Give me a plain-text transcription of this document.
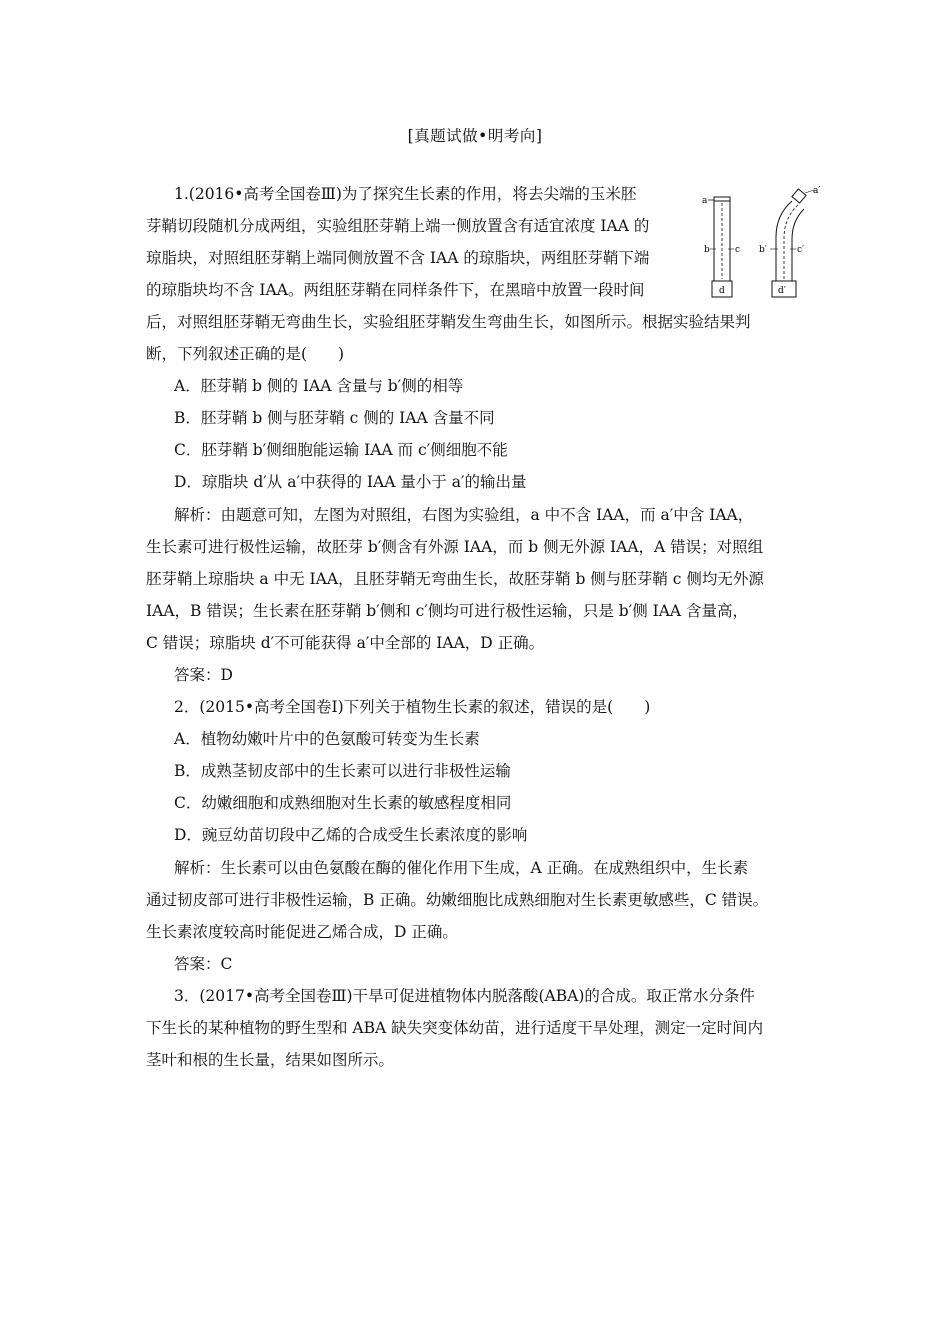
[真题试做•明考向]
1.(2016•高考全国卷Ⅲ)为了探究生长素的作用，将去尖端的玉米胚
芽鞘切段随机分成两组，实验组胚芽鞘上端一侧放置含有适宜浓度 IAA 的
琼脂块，对照组胚芽鞘上端同侧放置不含 IAA 的琼脂块，两组胚芽鞘下端
的琼脂块均不含 IAA。两组胚芽鞘在同样条件下，在黑暗中放置一段时间
后，对照组胚芽鞘无弯曲生长，实验组胚芽鞘发生弯曲生长，如图所示。根据实验结果判
断，下列叙述正确的是(　　)
a
b	c
d
a′
b′	c′
d′
A．胚芽鞘 b 侧的 IAA 含量与 b′侧的相等
B．胚芽鞘 b 侧与胚芽鞘 c 侧的 IAA 含量不同
C．胚芽鞘 b′侧细胞能运输 IAA 而 c′侧细胞不能
D．琼脂块 d′从 a′中获得的 IAA 量小于 a′的输出量
解析：由题意可知，左图为对照组，右图为实验组，a 中不含 IAA，而 a′中含 IAA，
生长素可进行极性运输，故胚芽 b′侧含有外源 IAA，而 b 侧无外源 IAA，A 错误；对照组
胚芽鞘上琼脂块 a 中无 IAA，且胚芽鞘无弯曲生长，故胚芽鞘 b 侧与胚芽鞘 c 侧均无外源
IAA，B 错误；生长素在胚芽鞘 b′侧和 c′侧均可进行极性运输，只是 b′侧 IAA 含量高，
C 错误；琼脂块 d′不可能获得 a′中全部的 IAA，D 正确。
答案：D
2．(2015•高考全国卷Ⅰ)下列关于植物生长素的叙述，错误的是(　　)
A．植物幼嫩叶片中的色氨酸可转变为生长素
B．成熟茎韧皮部中的生长素可以进行非极性运输
C．幼嫩细胞和成熟细胞对生长素的敏感程度相同
D．豌豆幼苗切段中乙烯的合成受生长素浓度的影响
解析：生长素可以由色氨酸在酶的催化作用下生成，A 正确。在成熟组织中，生长素
通过韧皮部可进行非极性运输，B 正确。幼嫩细胞比成熟细胞对生长素更敏感些，C 错误。
生长素浓度较高时能促进乙烯合成，D 正确。
答案：C
3．(2017•高考全国卷Ⅲ)干旱可促进植物体内脱落酸(ABA)的合成。取正常水分条件
下生长的某种植物的野生型和 ABA 缺失突变体幼苗，进行适度干旱处理，测定一定时间内
茎叶和根的生长量，结果如图所示。
